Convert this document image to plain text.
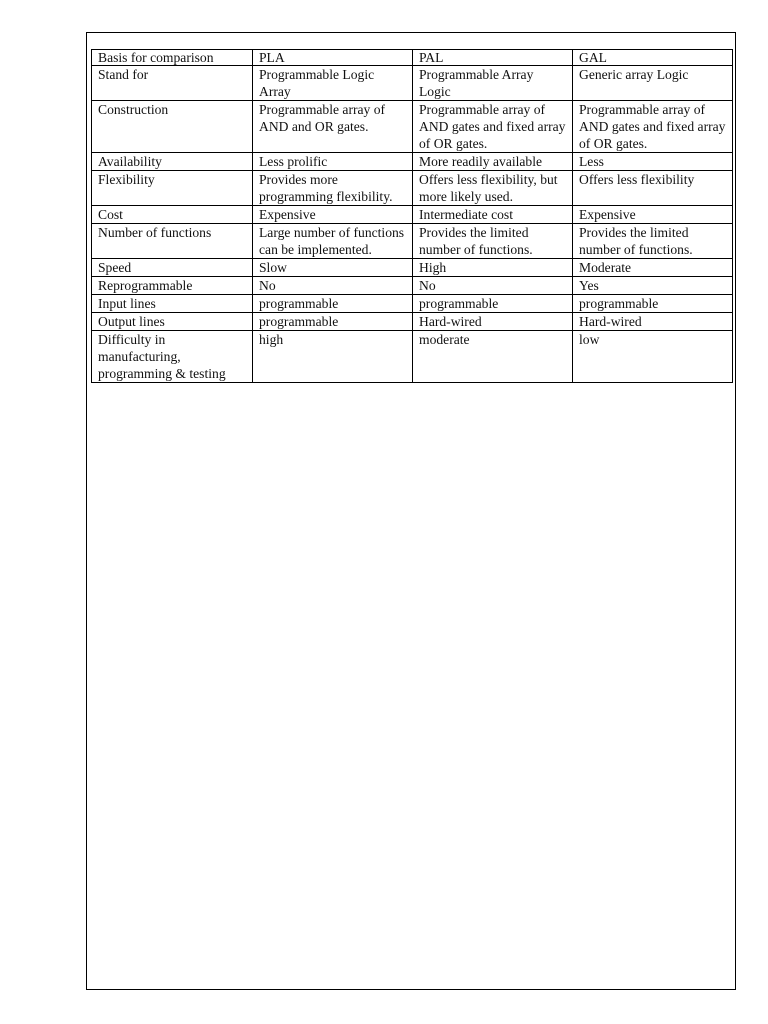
Basis for comparison	PLA	PAL	GAL
Stand for	Programmable Logic Array	Programmable Array Logic	Generic array Logic
Construction	Programmable array of AND and OR gates.	Programmable array of AND gates and fixed array of OR gates.	Programmable array of AND gates and fixed array of OR gates.
Availability	Less prolific	More readily available	Less
Flexibility	Provides more programming flexibility.	Offers less flexibility, but more likely used.	Offers less flexibility
Cost	Expensive	Intermediate cost	Expensive
Number of functions	Large number of functions can be implemented.	Provides the limited number of functions.	Provides the limited number of functions.
Speed	Slow	High	Moderate
Reprogrammable	No	No	Yes
Input lines	programmable	programmable	programmable
Output lines	programmable	Hard-wired	Hard-wired
Difficulty in manufacturing, programming & testing	high	moderate	low
